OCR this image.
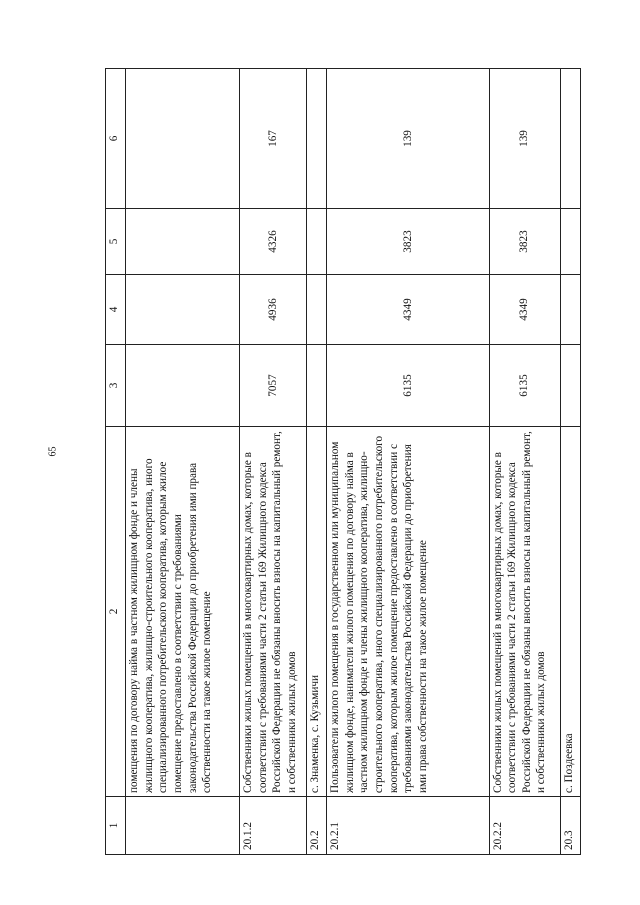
65
1	2	3	4	5	6
	помещения по договору найма в частном жилищном фонде и члены жилищного кооператива, жилищно-строительного кооператива, иного специализированного потребительского кооператива, которым жилое помещение предоставлено в соответствии с требованиями законодательства Российской Федерации до приобретения ими права собственности на такое жилое помещение				
20.1.2	Собственники жилых помещений в многоквартирных домах, которые в соответствии с требованиями части 2 статьи 169 Жилищного кодекса Российской Федерации не обязаны вносить взносы на капитальный ремонт, и собственники жилых домов	7057	4936	4326	167
20.2	с. Знаменка, с. Кузьмичи				
20.2.1	Пользователи жилого помещения в государственном или муниципальном жилищном фонде, наниматели жилого помещения по договору найма в частном жилищном фонде и члены жилищного кооператива, жилищно-строительного кооператива, иного специализированного потребительского кооператива, которым жилое помещение предоставлено в соответствии с требованиями законодательства Российской Федерации до приобретения ими права собственности на такое жилое помещение	6135	4349	3823	139
20.2.2	Собственники жилых помещений в многоквартирных домах, которые в соответствии с требованиями части 2 статьи 169 Жилищного кодекса Российской Федерации не обязаны вносить взносы на капитальный ремонт, и собственники жилых домов	6135	4349	3823	139
20.3	с. Поздеевка				
